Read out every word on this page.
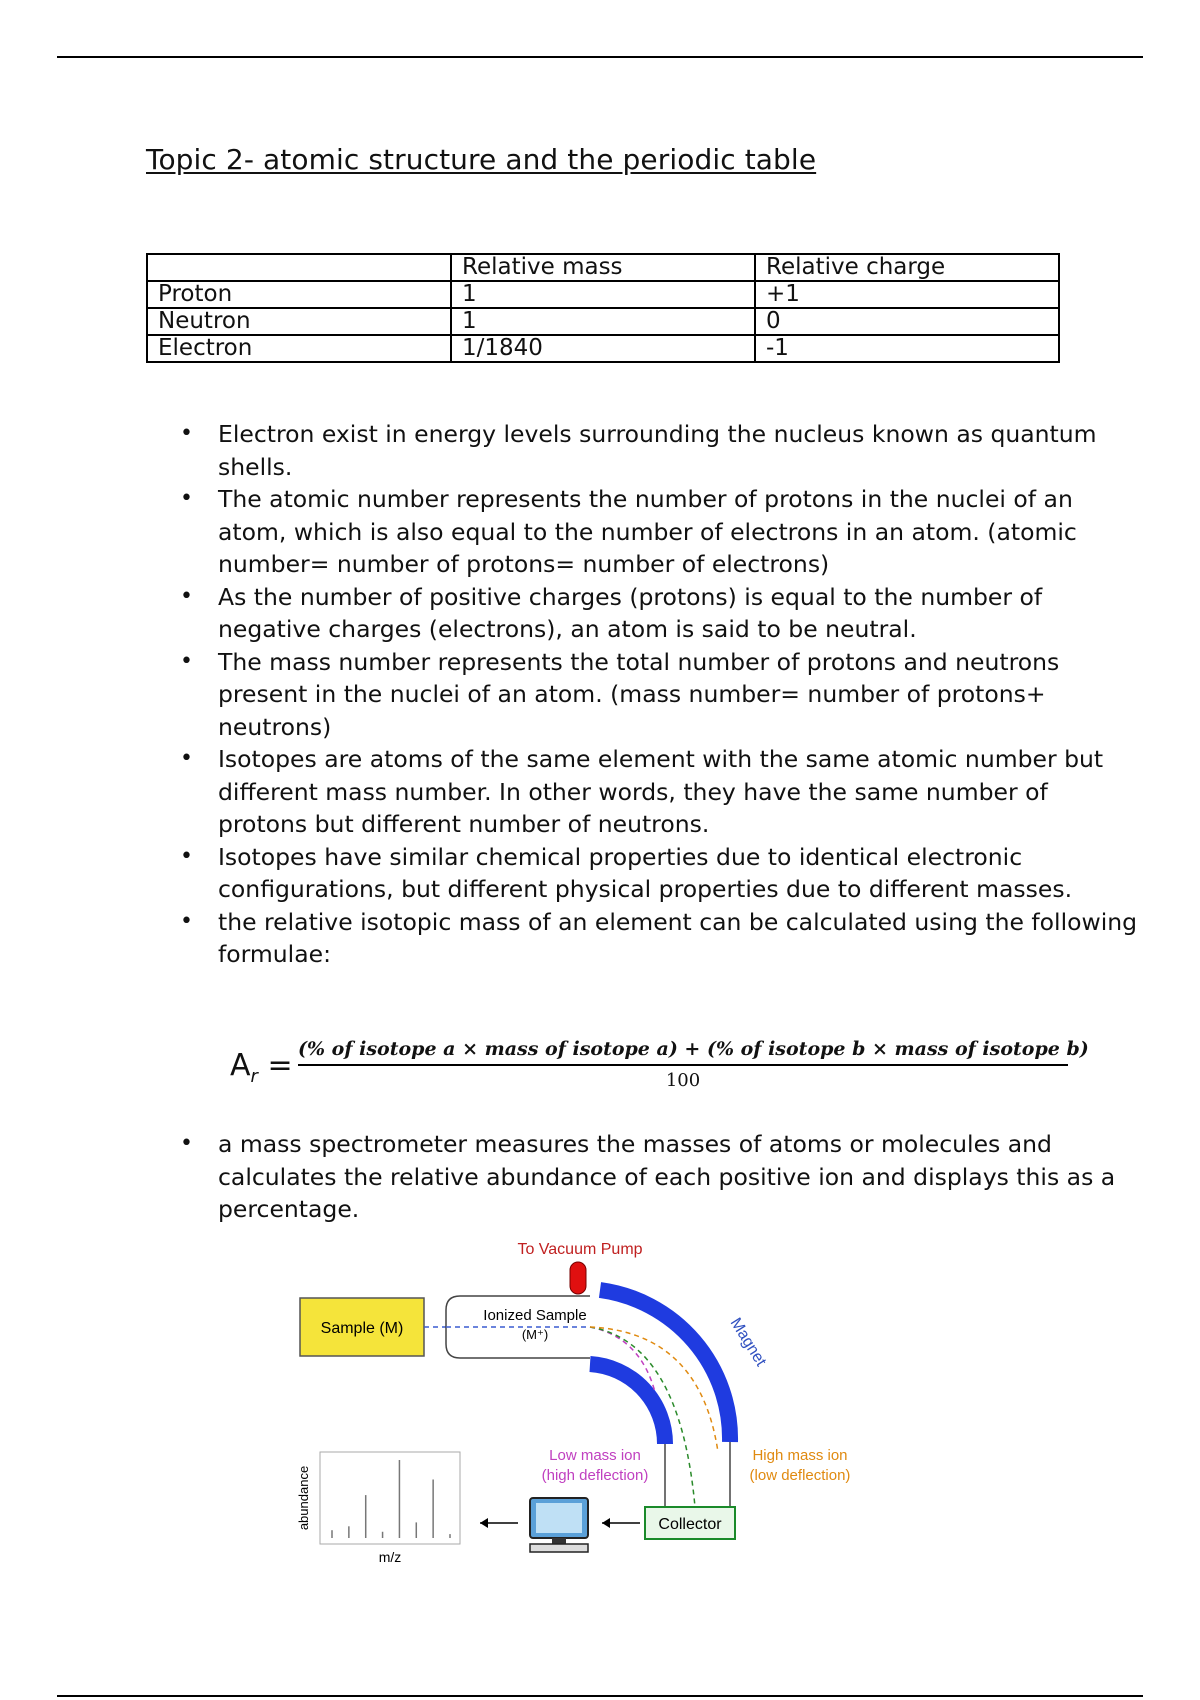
Topic 2- atomic structure and the periodic table
	Relative mass	Relative charge
Proton	1	+1
Neutron	1	0
Electron	1/1840	-1
• Electron exist in energy levels surrounding the nucleus known as quantum shells.
• The atomic number represents the number of protons in the nuclei of an atom, which is also equal to the number of electrons in an atom. (atomic number= number of protons= number of electrons)
• As the number of positive charges (protons) is equal to the number of negative charges (electrons), an atom is said to be neutral.
• The mass number represents the total number of protons and neutrons present in the nuclei of an atom. (mass number= number of protons+ neutrons)
• Isotopes are atoms of the same element with the same atomic number but different mass number. In other words, they have the same number of protons but different number of neutrons.
• Isotopes have similar chemical properties due to identical electronic configurations, but different physical properties due to different masses.
• the relative isotopic mass of an element can be calculated using the following formulae:
$A_r$ = (% of isotope a × mass of isotope a) + (% of isotope b × mass of isotope b)
100
• a mass spectrometer measures the masses of atoms or molecules and calculates the relative abundance of each positive ion and displays this as a percentage.
To Vacuum Pump
Sample (M)
Ionized Sample
(M⁺)	Magnet
Low mass ion
(high deflection)
High mass ion
(low deflection)
Collector
abundance
m/z
